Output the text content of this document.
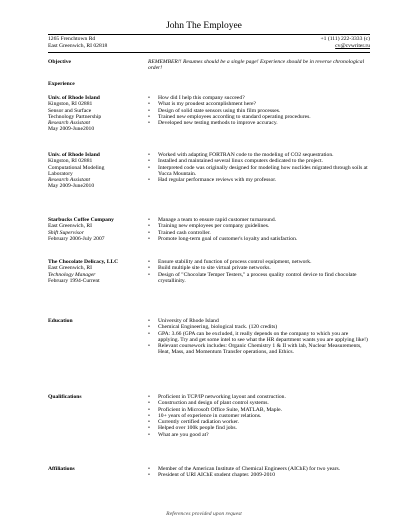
John The Employee
1265 Frenchtown Rd
East Greenwich, RI 02818
+1 (111) 222-3333 (c)
cv@cvwriter.ru
Objective	REMEMBER!! Resumes should be a single page! Experience should be in reverse chronological order!
Experience
Univ. of Rhode Island
Kingston, RI 02881
Sensor and Surface
Technology Partnership
Research Assistant
May 2009-June2010
• How did I help this company succeed?
• What is my proudest accomplishment here?
• Design of solid state sensors using thin film processes.
• Trained new employees according to standard operating procedures.
• Developed new testing methods to improve accuracy.
Univ. of Rhode Island
Kingston, RI 02881
Computational Modeling
Laboratory
Research Assistant
May 2009-June2010
• Worked with adapting FORTRAN code to the modeling of CO2 sequestration.
• Installed and maintained several linux computers dedicated to the project.
• Interpreted code was originally designed for modeling how nuclides migrated through soils at Yucca Mountain.
• Had regular performance reviews with my professor.
Starbucks Coffee Company
East Greenwich, RI
Shift Supervisor
February 2006-July 2007
• Manage a team to ensure rapid customer turnaround.
• Training new employees per company guidelines.
• Trained cash controller.
• Promote long-term goal of customer's loyalty and satisfaction.
The Chocolate Delicacy, LLC
East Greenwich, RI
Technology Manager
February 1994-Current
• Ensure stability and function of process control equipment, network.
• Build multiple site to site virtual private networks.
• Design of "Chocolate Temper Testers," a process quality control device to find chocolate crystallinity.
Education	• University of Rhode Island
• Chemical Engineering, biological track. (120 credits)
• GPA: 3.66 (GPA can be excluded, it really depends on the company to which you are applying. Try and get some intel to see what the HR department wants you are applying like!)
• Relevant coursework includes: Organic Chemistry 1 & II with lab, Nuclear Measurements, Heat, Mass, and Momentum Transfer operations, and Ethics.
Qualifications	• Proficient in TCP/IP networking layout and construction.
• Construction and design of plant control systems.
• Proficient in Microsoft Office Suite, MATLAB, Maple.
• 10+ years of experience in customer relations.
• Currently certified radiation worker.
• Helped over 100k people find jobs.
• What are you good at?
Affiliations	• Member of the American Institute of Chemical Engineers (AIChE) for two years.
• President of URI AIChE student chapter. 2009-2010
References provided upon request
